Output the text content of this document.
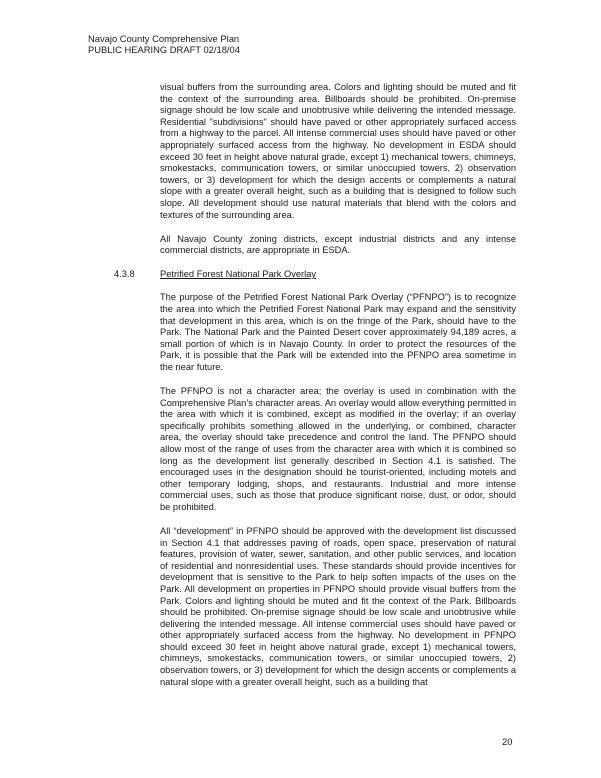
Navajo County Comprehensive Plan
PUBLIC HEARING DRAFT 02/18/04

visual buffers from the surrounding area. Colors and lighting should be muted and fit the context of the surrounding area. Billboards should be prohibited. On-premise signage should be low scale and unobtrusive while delivering the intended message. Residential "subdivisions" should have paved or other appropriately surfaced access from a highway to the parcel. All intense commercial uses should have paved or other appropriately surfaced access from the highway. No development in ESDA should exceed 30 feet in height above natural grade, except 1) mechanical towers, chimneys, smokestacks, communication towers, or similar unoccupied towers, 2) observation towers, or 3) development for which the design accents or complements a natural slope with a greater overall height, such as a building that is designed to follow such slope. All development should use natural materials that blend with the colors and textures of the surrounding area.

All Navajo County zoning districts, except industrial districts and any intense commercial districts, are appropriate in ESDA.

4.3.8	Petrified Forest National Park Overlay

The purpose of the Petrified Forest National Park Overlay (“PFNPO”) is to recognize the area into which the Petrified Forest National Park may expand and the sensitivity that development in this area, which is on the fringe of the Park, should have to the Park. The National Park and the Painted Desert cover approximately 94,189 acres, a small portion of which is in Navajo County. In order to protect the resources of the Park, it is possible that the Park will be extended into the PFNPO area sometime in the near future.

The PFNPO is not a character area; the overlay is used in combination with the Comprehensive Plan’s character areas. An overlay would allow everything permitted in the area with which it is combined, except as modified in the overlay; if an overlay specifically prohibits something allowed in the underlying, or combined, character area, the overlay should take precedence and control the land. The PFNPO should allow most of the range of uses from the character area with which it is combined so long as the development list generally described in Section 4.1 is satisfied. The encouraged uses in the designation should be tourist-oriented, including motels and other temporary lodging, shops, and restaurants. Industrial and more intense commercial uses, such as those that produce significant noise, dust, or odor, should be prohibited.

All “development” in PFNPO should be approved with the development list discussed in Section 4.1 that addresses paving of roads, open space, preservation of natural features, provision of water, sewer, sanitation, and other public services, and location of residential and nonresidential uses. These standards should provide incentives for development that is sensitive to the Park to help soften impacts of the uses on the Park. All development on properties in PFNPO should provide visual buffers from the Park. Colors and lighting should be muted and fit the context of the Park. Billboards should be prohibited. On-premise signage should be low scale and unobtrusive while delivering the intended message. All intense commercial uses should have paved or other appropriately surfaced access from the highway. No development in PFNPO should exceed 30 feet in height above natural grade, except 1) mechanical towers, chimneys, smokestacks, communication towers, or similar unoccupied towers, 2) observation towers, or 3) development for which the design accents or complements a natural slope with a greater overall height, such as a building that

20
